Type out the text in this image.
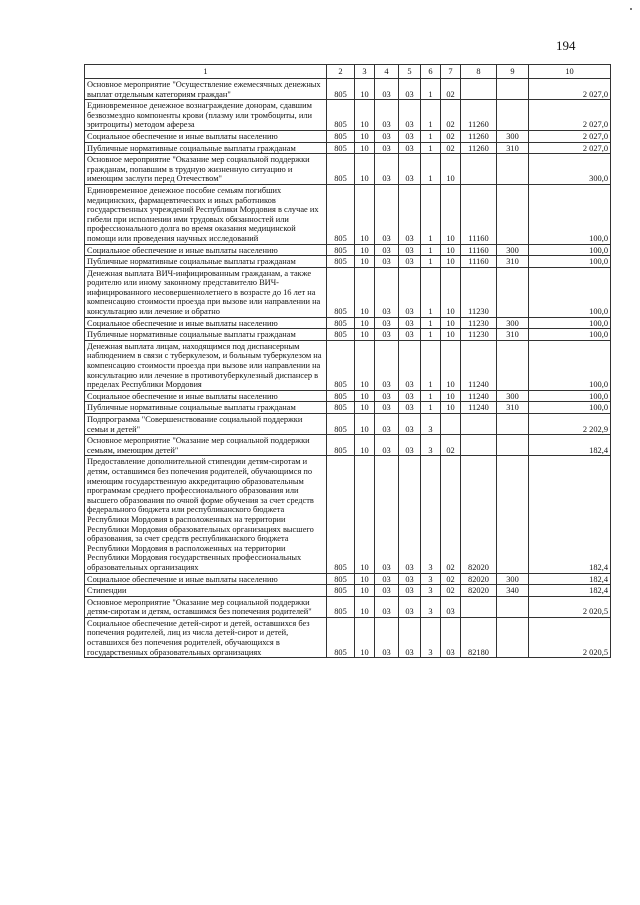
194
1	2	3	4	5	6	7	8	9	10
Основное мероприятие "Осуществление ежемесячных денежных выплат отдельным категориям граждан"	805	10	03	03	1	02			2 027,0
Единовременное денежное вознаграждение донорам, сдавшим безвозмездно компоненты крови (плазму или тромбоциты, или эритроциты) методом афереза	805	10	03	03	1	02	11260		2 027,0
Социальное обеспечение и иные выплаты населению	805	10	03	03	1	02	11260	300	2 027,0
Публичные нормативные социальные выплаты гражданам	805	10	03	03	1	02	11260	310	2 027,0
Основное мероприятие "Оказание мер социальной поддержки гражданам, попавшим в трудную жизненную ситуацию и имеющим заслуги перед Отечеством"	805	10	03	03	1	10			300,0
Единовременное денежное пособие семьям погибших медицинских, фармацевтических и иных работников государственных учреждений Республики Мордовия в случае их гибели при исполнении ими трудовых обязанностей или профессионального долга во время оказания медицинской помощи или проведения научных исследований	805	10	03	03	1	10	11160		100,0
Социальное обеспечение и иные выплаты населению	805	10	03	03	1	10	11160	300	100,0
Публичные нормативные социальные выплаты гражданам	805	10	03	03	1	10	11160	310	100,0
Денежная выплата ВИЧ-инфицированным гражданам, а также родителю или иному законному представителю ВИЧ-инфицированного несовершеннолетнего в возрасте до 16 лет на компенсацию стоимости проезда при вызове или направлении на консультацию или лечение и обратно	805	10	03	03	1	10	11230		100,0
Социальное обеспечение и иные выплаты населению	805	10	03	03	1	10	11230	300	100,0
Публичные нормативные социальные выплаты гражданам	805	10	03	03	1	10	11230	310	100,0
Денежная выплата лицам, находящимся под диспансерным наблюдением в связи с туберкулезом, и больным туберкулезом на компенсацию стоимости проезда при вызове или направлении на консультацию или лечение в противотуберкулезный диспансер в пределах Республики Мордовия	805	10	03	03	1	10	11240		100,0
Социальное обеспечение и иные выплаты населению	805	10	03	03	1	10	11240	300	100,0
Публичные нормативные социальные выплаты гражданам	805	10	03	03	1	10	11240	310	100,0
Подпрограмма "Совершенствование социальной поддержки семьи и детей"	805	10	03	03	3				2 202,9
Основное мероприятие "Оказание мер социальной поддержки семьям, имеющим детей"	805	10	03	03	3	02			182,4
Предоставление дополнительной стипендии детям-сиротам и детям, оставшимся без попечения родителей, обучающимся по имеющим государственную аккредитацию образовательным программам среднего профессионального образования или высшего образования по очной форме обучения за счет средств федерального бюджета или республиканского бюджета Республики Мордовия в расположенных на территории Республики Мордовия образовательных организациях высшего образования, за счет средств республиканского бюджета Республики Мордовия в расположенных на территории Республики Мордовия государственных профессиональных образовательных организациях	805	10	03	03	3	02	82020		182,4
Социальное обеспечение и иные выплаты населению	805	10	03	03	3	02	82020	300	182,4
Стипендии	805	10	03	03	3	02	82020	340	182,4
Основное мероприятие "Оказание мер социальной поддержки детям-сиротам и детям, оставшимся без попечения родителей"	805	10	03	03	3	03			2 020,5
Социальное обеспечение детей-сирот и детей, оставшихся без попечения родителей, лиц из числа детей-сирот и детей, оставшихся без попечения родителей, обучающихся в государственных образовательных организациях	805	10	03	03	3	03	82180		2 020,5
